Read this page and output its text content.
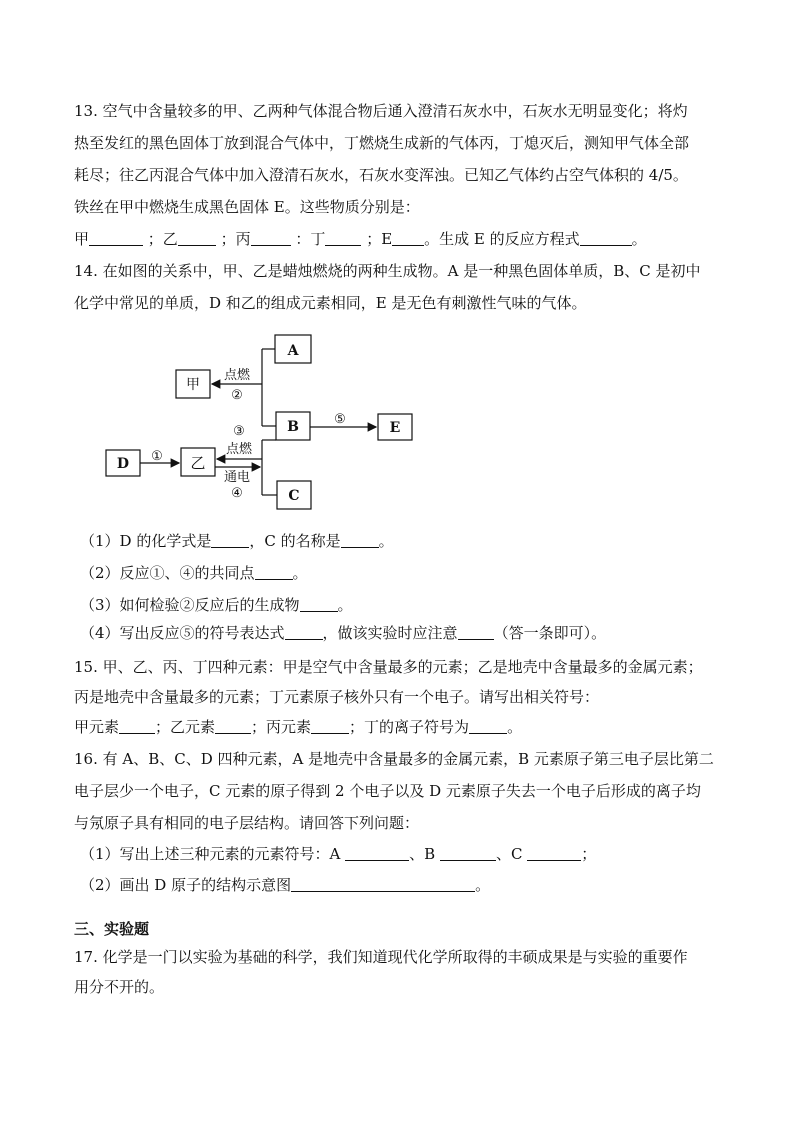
13. 空气中含量较多的甲、乙两种气体混合物后通入澄清石灰水中，石灰水无明显变化；将灼
热至发红的黑色固体丁放到混合气体中，丁燃烧生成新的气体丙，丁熄灭后，测知甲气体全部
耗尽；往乙丙混合气体中加入澄清石灰水，石灰水变浑浊。已知乙气体约占空气体积的 4/5。
铁丝在甲中燃烧生成黑色固体 E。这些物质分别是：
甲	；乙	；丙	：丁	；E 。生成 E 的反应方程式	。
14. 在如图的关系中，甲、乙是蜡烛燃烧的两种生成物。A 是一种黑色固体单质，B、C 是初中
化学中常见的单质，D 和乙的组成元素相同，E 是无色有刺激性气味的气体。
A
甲
B	E
D	乙
C
点燃
②
⑤
③
点燃
①
通电
④
（1）D 的化学式是	，C 的名称是	。
（2）反应①、④的共同点	。
（3）如何检验②反应后的生成物	。
（4）写出反应⑤的符号表达式	，做该实验时应注意 （答一条即可）。
15. 甲、乙、丙、丁四种元素：甲是空气中含量最多的元素；乙是地壳中含量最多的金属元素；
丙是地壳中含量最多的元素；丁元素原子核外只有一个电子。请写出相关符号：
甲元素 ；乙元素 ；丙元素	；丁的离子符号为	。
16. 有 A、B、C、D 四种元素，A 是地壳中含量最多的金属元素，B 元素原子第三电子层比第二
电子层少一个电子，C 元素的原子得到 2 个电子以及 D 元素原子失去一个电子后形成的离子均
与氖原子具有相同的电子层结构。请回答下列问题：
（1）写出上述三种元素的元素符号：A	、B	、C	；
（2）画出 D 原子的结构示意图	。
三、实验题
17. 化学是一门以实验为基础的科学，我们知道现代化学所取得的丰硕成果是与实验的重要作
用分不开的。
